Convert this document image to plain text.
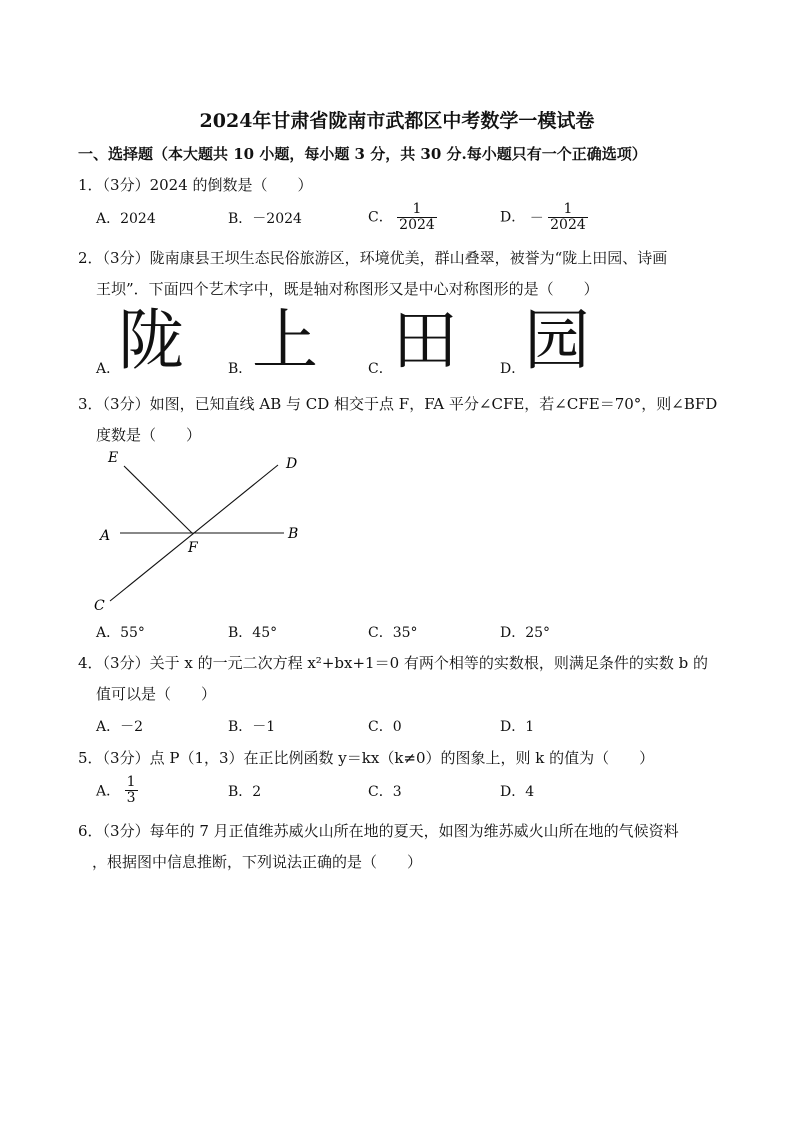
2024年甘肃省陇南市武都区中考数学一模试卷
一、选择题（本大题共 10 小题，每小题 3 分，共 30 分.每小题只有一个正确选项）
1．（3分）2024 的倒数是（　　）
A．2024	B．－2024	C． $\frac{1}{2024}$	D． － $\frac{1}{2024}$
2．（3分）陇南康县王坝生态民俗旅游区，环境优美，群山叠翠，被誉为“陇上田园、诗画
王坝”．下面四个艺术字中，既是轴对称图形又是中心对称图形的是（　　）
A．
陇	B． 上	C． 田	D．
园
3．（3分）如图，已知直线 AB 与 CD 相交于点 F，FA 平分∠CFE，若∠CFE＝70°，则∠BFD
度数是（　　）
E	D
A	B
F
C
A．55°	B．45°	C．35°	D．25°
4．（3分）关于 x 的一元二次方程 x²+bx+1＝0 有两个相等的实数根，则满足条件的实数 b 的
值可以是（　　）
A．－2	B．－1	C．0	D．1
5．（3分）点 P（1，3）在正比例函数 y＝kx（k≠0）的图象上，则 k 的值为（　　）
A． $\frac{1}{3}$	B．2	C．3	D．4
6．（3分）每年的 7 月正值维苏威火山所在地的夏天，如图为维苏威火山所在地的气候资料
，根据图中信息推断，下列说法正确的是（　　）
